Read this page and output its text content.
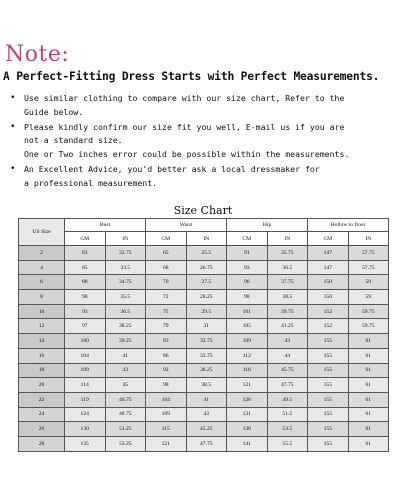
Note:
A Perfect-Fitting Dress Starts with Perfect Measurements.
•	Use similar clothing to compare with our size chart, Refer to the
Guide below.
•	Please kindly confirm our size fit you well, E-mail us if you are
not a standard size.
One or Two inches error could be possible within the measurements.
•	An Excellent Advice, you'd better ask a local dressmaker for
a professional measurement.
Size Chart
US Size	Bust		Waist		Hip		Hollow to floor	
	CM	IN	CM	IN	CM	IN	CM	IN
2	83	32.75	65	25.5	91	35.75	147	57.75
4	85	33.5	68	26.75	93	36.5	147	57.75
6	88	34.75	70	27.5	96	37.75	150	59
8	90	35.5	72	28.25	98	38.5	150	59
10	93	36.5	75	29.5	101	39.75	152	59.75
12	97	38.25	79	31	105	41.25	152	59.75
14	100	39.25	83	32.75	109	43	155	61
16	104	41	86	33.75	112	44	155	61
18	109	43	92	36.25	116	45.75	155	61
20	114	45	98	38.5	121	47.75	155	61
22	119	46.75	104	41	126	49.5	155	61
24	124	48.75	109	43	131	51.5	155	61
26	130	51.25	115	45.25	136	53.5	155	61
28	135	53.25	121	47.75	141	55.5	155	61
